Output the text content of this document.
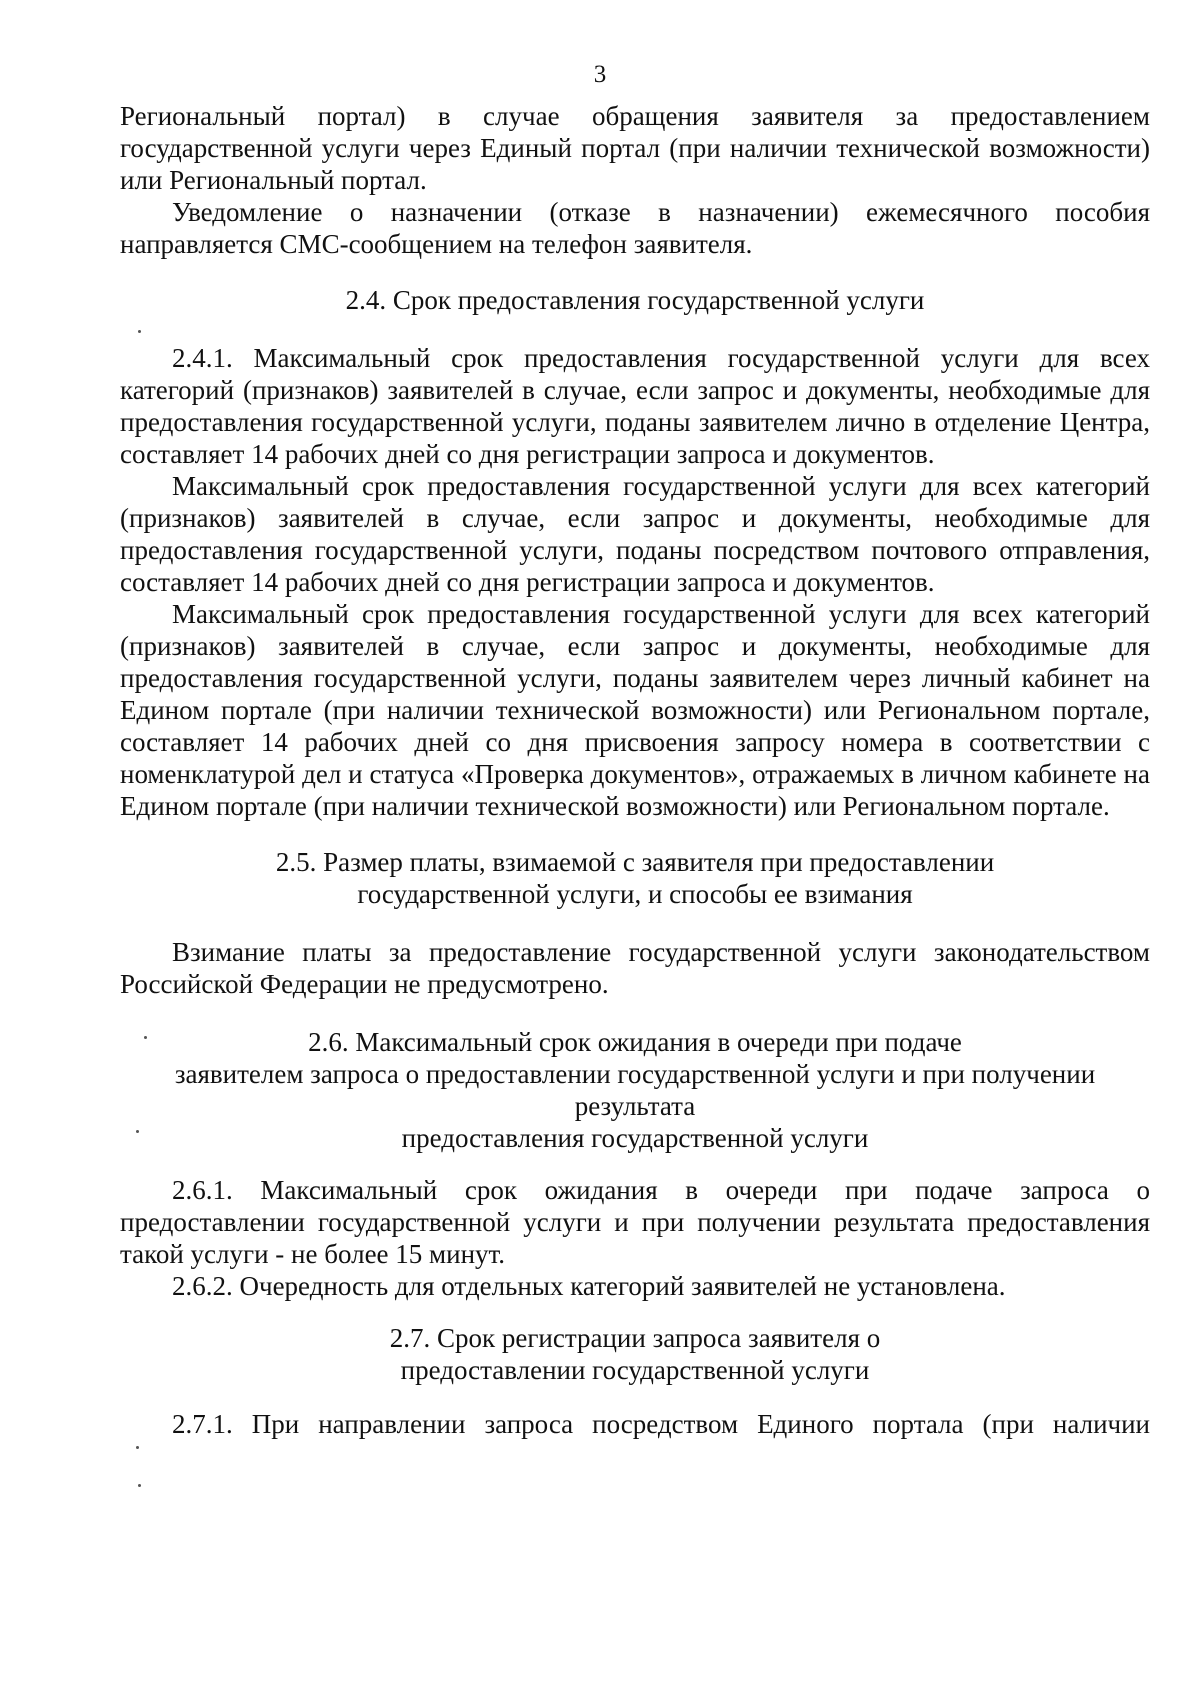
3

Региональный портал) в случае обращения заявителя за предоставлением государственной услуги через Единый портал (при наличии технической возможности) или Региональный портал.

Уведомление о назначении (отказе в назначении) ежемесячного пособия направляется СМС-сообщением на телефон заявителя.

2.4. Срок предоставления государственной услуги

2.4.1. Максимальный срок предоставления государственной услуги для всех категорий (признаков) заявителей в случае, если запрос и документы, необходимые для предоставления государственной услуги, поданы заявителем лично в отделение Центра, составляет 14 рабочих дней со дня регистрации запроса и документов.

Максимальный срок предоставления государственной услуги для всех категорий (признаков) заявителей в случае, если запрос и документы, необходимые для предоставления государственной услуги, поданы посредством почтового отправления, составляет 14 рабочих дней со дня регистрации запроса и документов.

Максимальный срок предоставления государственной услуги для всех категорий (признаков) заявителей в случае, если запрос и документы, необходимые для предоставления государственной услуги, поданы заявителем через личный кабинет на Едином портале (при наличии технической возможности) или Региональном портале, составляет 14 рабочих дней со дня присвоения запросу номера в соответствии с номенклатурой дел и статуса «Проверка документов», отражаемых в личном кабинете на Едином портале (при наличии технической возможности) или Региональном портале.

2.5. Размер платы, взимаемой с заявителя при предоставлении
государственной услуги, и способы ее взимания

Взимание платы за предоставление государственной услуги законодательством Российской Федерации не предусмотрено.

2.6. Максимальный срок ожидания в очереди при подаче
заявителем запроса о предоставлении государственной услуги и при получении
результата
предоставления государственной услуги

2.6.1. Максимальный срок ожидания в очереди при подаче запроса о предоставлении государственной услуги и при получении результата предоставления такой услуги - не более 15 минут.

2.6.2. Очередность для отдельных категорий заявителей не установлена.

2.7. Срок регистрации запроса заявителя о
предоставлении государственной услуги

2.7.1. При направлении запроса посредством Единого портала (при наличии
